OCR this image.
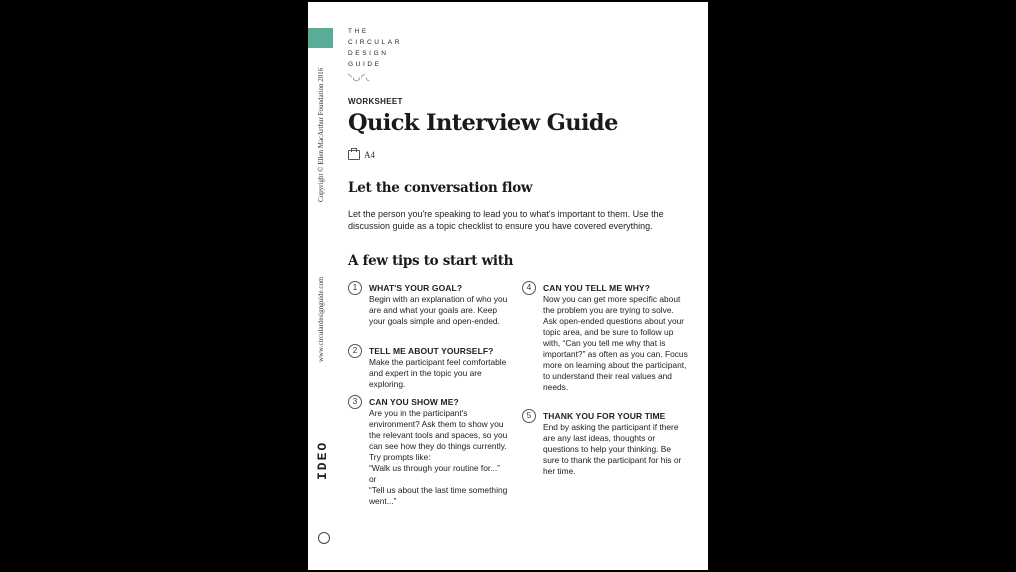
Copyright © Ellen MacArthur Foundation 2016
www.circulardesignguide.com
IDEO
THE
CIRCULAR
DESIGN
GUIDE
◝◡◜◟
WORKSHEET
Quick Interview Guide
A4
Let the conversation flow
Let the person you're speaking to lead you to what's important to them. Use the discussion guide as a topic checklist to ensure you have covered everything.
A few tips to start with
1	WHAT'S YOUR GOAL?
Begin with an explanation of who you are and what your goals are. Keep your goals simple and open-ended.
2	TELL ME ABOUT YOURSELF?
Make the participant feel comfortable and expert in the topic you are exploring.
3	CAN YOU SHOW ME?
Are you in the participant's environment? Ask them to show you the relevant tools and spaces, so you can see how they do things currently. Try prompts like:
“Walk us through your routine for...”
or
“Tell us about the last time something went...”
4	CAN YOU TELL ME WHY?
Now you can get more specific about the problem you are trying to solve. Ask open-ended questions about your topic area, and be sure to follow up with, “Can you tell me why that is important?” as often as you can. Focus more on learning about the participant, to understand their real values and needs.
5	THANK YOU FOR YOUR TIME
End by asking the participant if there are any last ideas, thoughts or questions to help your thinking. Be sure to thank the participant for his or her time.
